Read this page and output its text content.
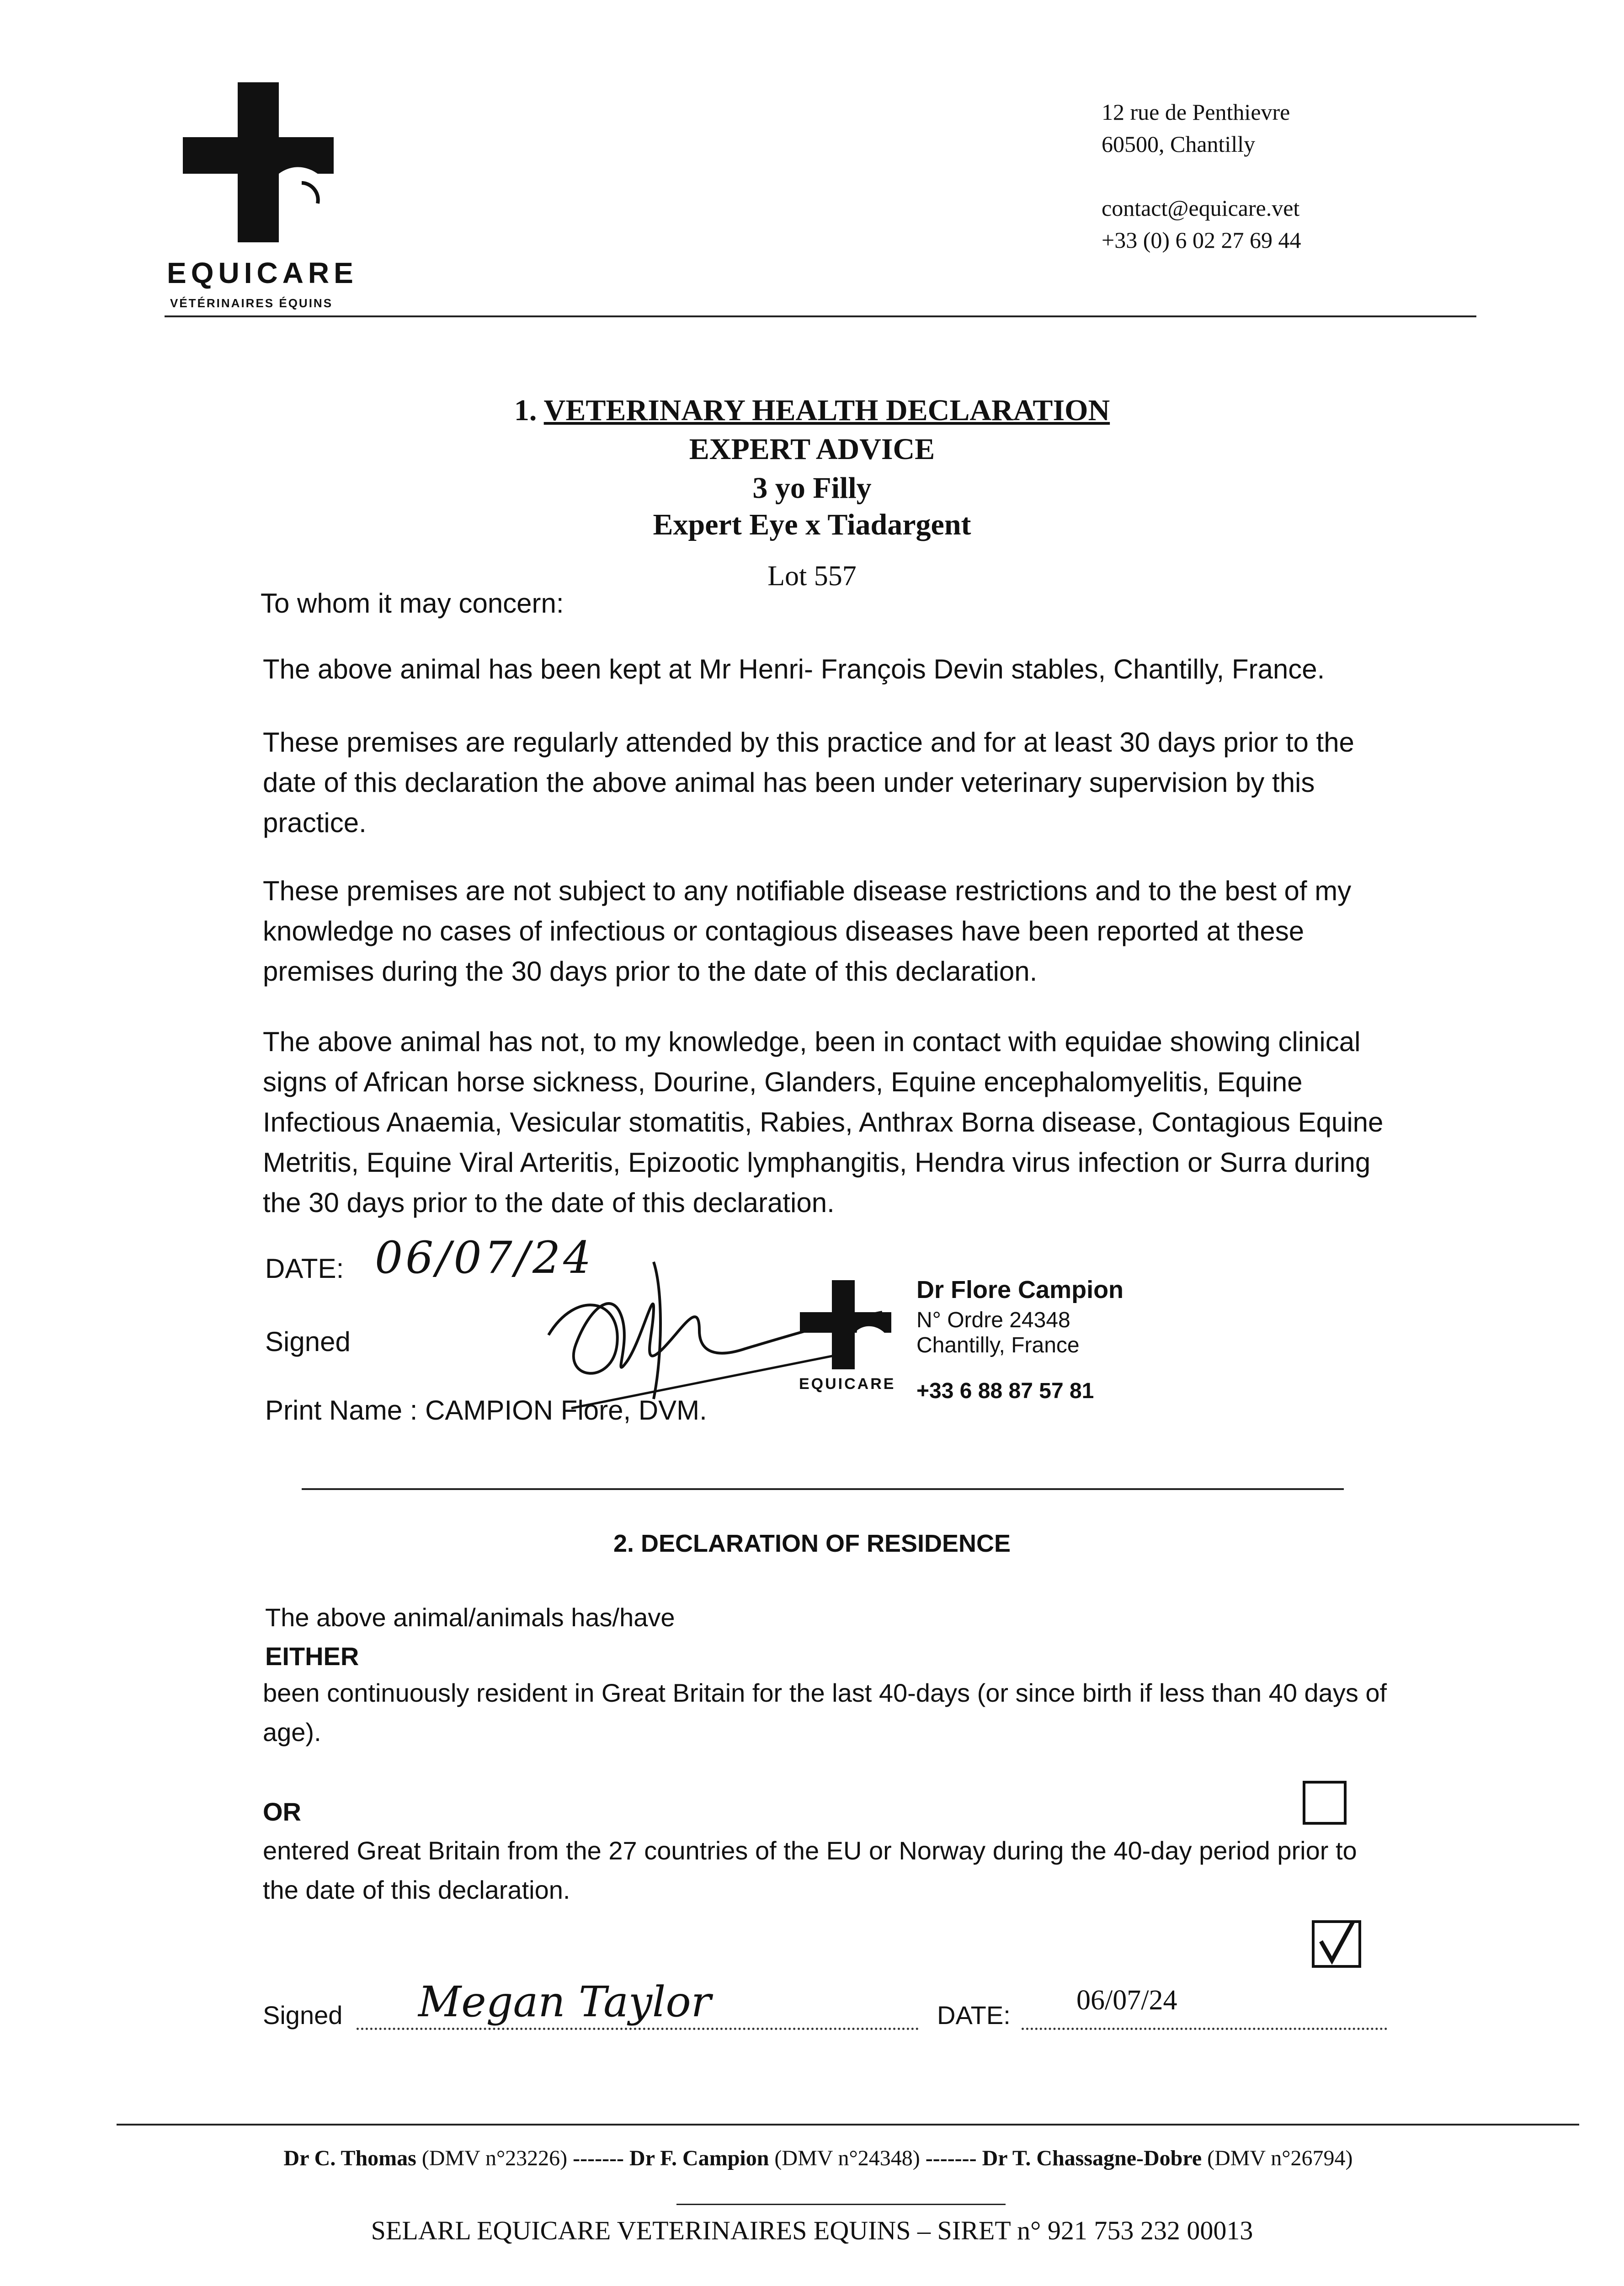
EQUICARE
VÉTÉRINAIRES ÉQUINS
12 rue de Penthievre
60500, Chantilly
contact@equicare.vet
+33 (0) 6 02 27 69 44
1. VETERINARY HEALTH DECLARATION
EXPERT ADVICE
3 yo Filly
Expert Eye x Tiadargent
Lot 557
To whom it may concern:
The above animal has been kept at Mr Henri- François Devin stables, Chantilly, France.
These premises are regularly attended by this practice and for at least 30 days prior to the date of this declaration the above animal has been under veterinary supervision by this practice.
These premises are not subject to any notifiable disease restrictions and to the best of my knowledge no cases of infectious or contagious diseases have been reported at these premises during the 30 days prior to the date of this declaration.
The above animal has not, to my knowledge, been in contact with equidae showing clinical signs of African horse sickness, Dourine, Glanders, Equine encephalomyelitis, Equine Infectious Anaemia, Vesicular stomatitis, Rabies, Anthrax Borna disease, Contagious Equine Metritis, Equine Viral Arteritis, Epizootic lymphangitis, Hendra virus infection or Surra during the 30 days prior to the date of this declaration.
DATE: 06/07/24
Signed
Print Name : CAMPION Flore, DVM.
EQUICARE
Dr Flore Campion
N° Ordre 24348
Chantilly, France
+33 6 88 87 57 81
2. DECLARATION OF RESIDENCE
The above animal/animals has/have
EITHER
been continuously resident in Great Britain for the last 40-days (or since birth if less than 40 days of age).
OR
entered Great Britain from the 27 countries of the EU or Norway during the 40-day period prior to the date of this declaration.
Signed Megan Taylor	DATE: 06/07/24
Dr C. Thomas (DMV n°23226) ------- Dr F. Campion (DMV n°24348) ------- Dr T. Chassagne-Dobre (DMV n°26794)
SELARL EQUICARE VETERINAIRES EQUINS – SIRET n° 921 753 232 00013
